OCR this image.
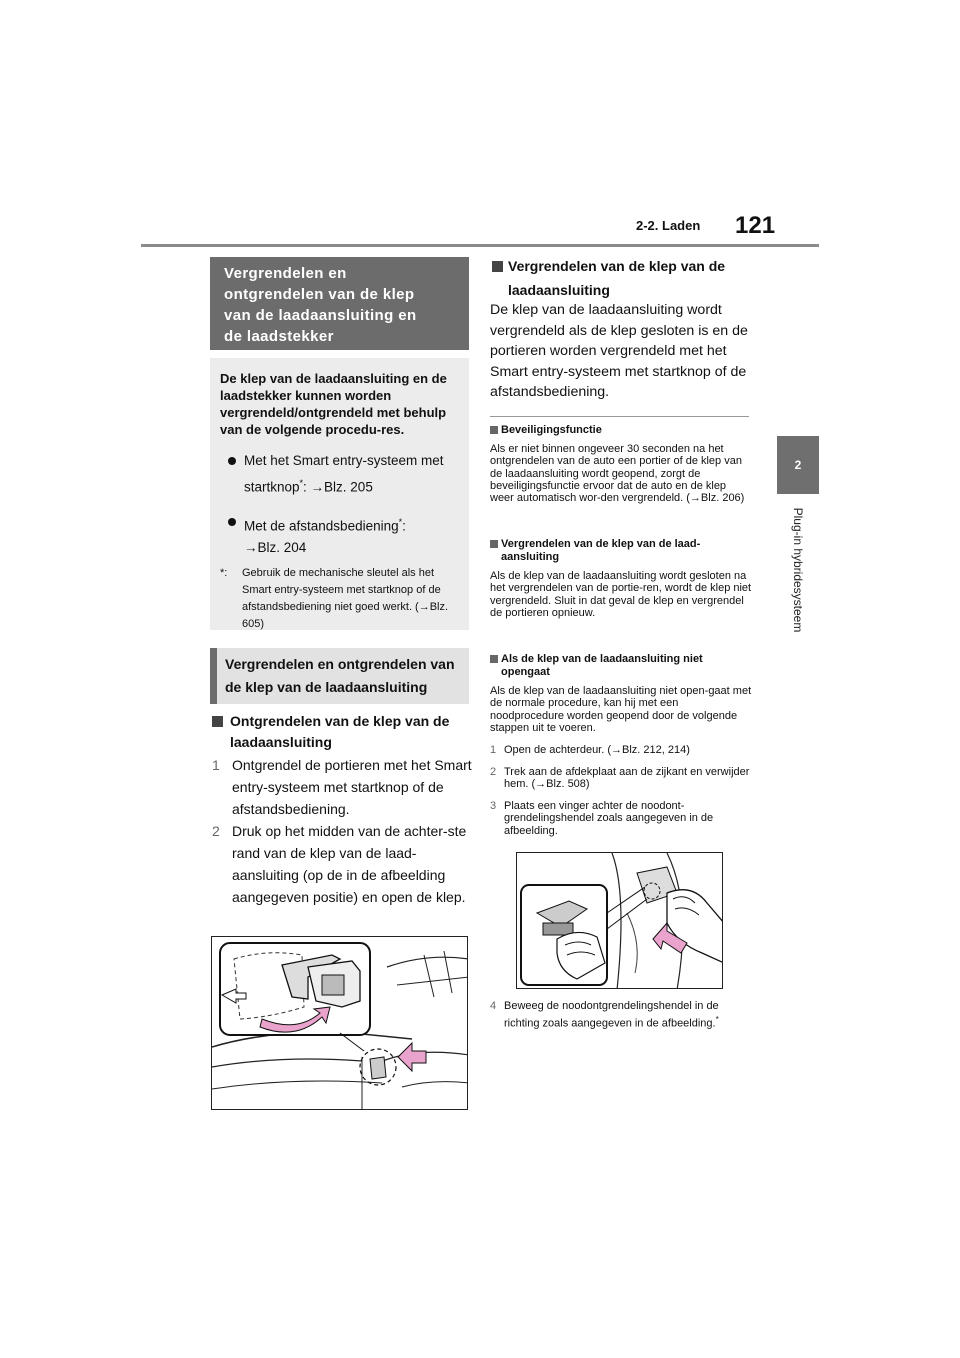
2-2. Laden 121
2
Plug-in hybridesysteem
Vergrendelen en
ontgrendelen van de klep
van de laadaansluiting en
de laadstekker
De klep van de laadaansluiting en de laadstekker kunnen worden vergrendeld/ontgrendeld met behulp van de volgende procedu-res.
Met het Smart entry-systeem met startknop*: →Blz. 205
Met de afstandsbediening*:
→Blz. 204
*: Gebruik de mechanische sleutel als het Smart entry-systeem met startknop of de afstandsbediening niet goed werkt. (→Blz. 605)
Vergrendelen en ontgrendelen van
de klep van de laadaansluiting
Ontgrendelen van de klep van de laadaansluiting
1 Ontgrendel de portieren met het Smart entry-systeem met startknop of de afstandsbediening.
2 Druk op het midden van de achter-ste rand van de klep van de laad-aansluiting (op de in de afbeelding aangegeven positie) en open de klep.
Vergrendelen van de klep van de laadaansluiting
De klep van de laadaansluiting wordt vergrendeld als de klep gesloten is en de portieren worden vergrendeld met het Smart entry-systeem met startknop of de afstandsbediening.
Beveiligingsfunctie
Als er niet binnen ongeveer 30 seconden na het ontgrendelen van de auto een portier of de klep van de laadaansluiting wordt geopend, zorgt de beveiligingsfunctie ervoor dat de auto en de klep weer automatisch wor-den vergrendeld. (→Blz. 206)
Vergrendelen van de klep van de laad-aansluiting
Als de klep van de laadaansluiting wordt gesloten na het vergrendelen van de portie-ren, wordt de klep niet vergrendeld. Sluit in dat geval de klep en vergrendel de portieren opnieuw.
Als de klep van de laadaansluiting niet opengaat
Als de klep van de laadaansluiting niet open-gaat met de normale procedure, kan hij met een noodprocedure worden geopend door de volgende stappen uit te voeren.
1 Open de achterdeur. (→Blz. 212, 214)
2 Trek aan de afdekplaat aan de zijkant en verwijder hem. (→Blz. 508)
3 Plaats een vinger achter de noodont-grendelingshendel zoals aangegeven in de afbeelding.
4 Beweeg de noodontgrendelingshendel in de richting zoals aangegeven in de afbeelding.*
